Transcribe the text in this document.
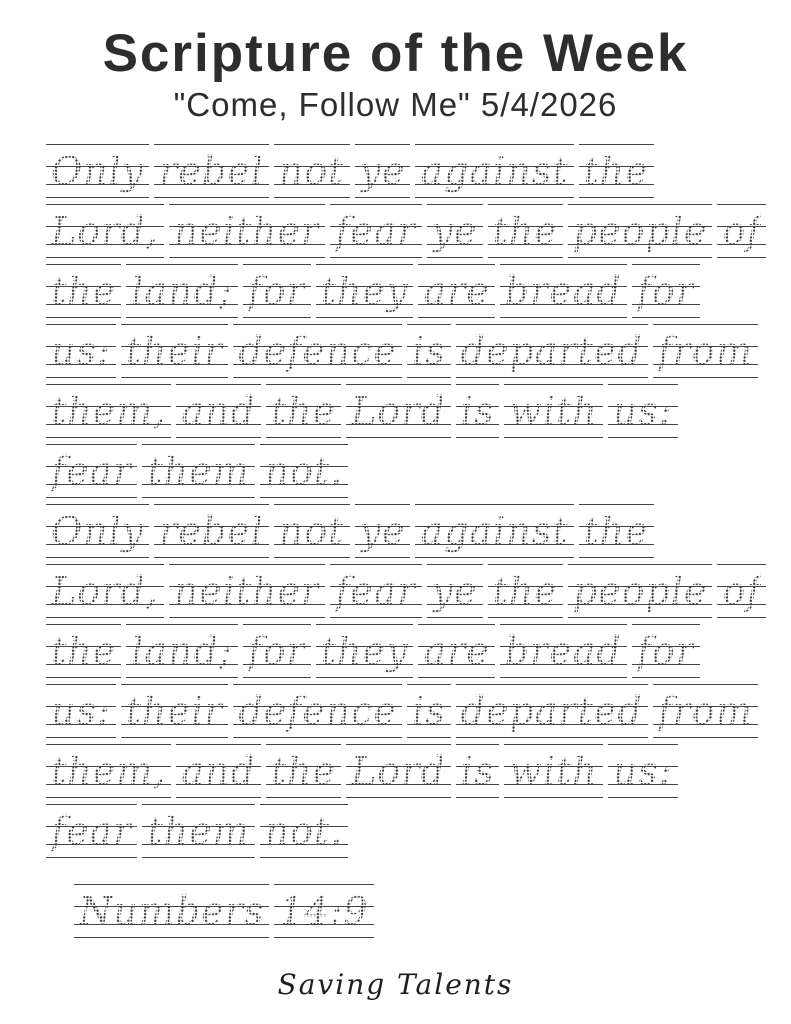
Scripture of the Week
"Come, Follow Me" 5/4/2026
Only rebel not ye against the
Lord, neither fear ye the people of
the land; for they are bread for
us: their defence is departed from
them, and the Lord is with us:
fear them not.
Only rebel not ye against the
Lord, neither fear ye the people of
the land; for they are bread for
us: their defence is departed from
them, and the Lord is with us:
fear them not.
Numbers 14:9
Saving Talents
